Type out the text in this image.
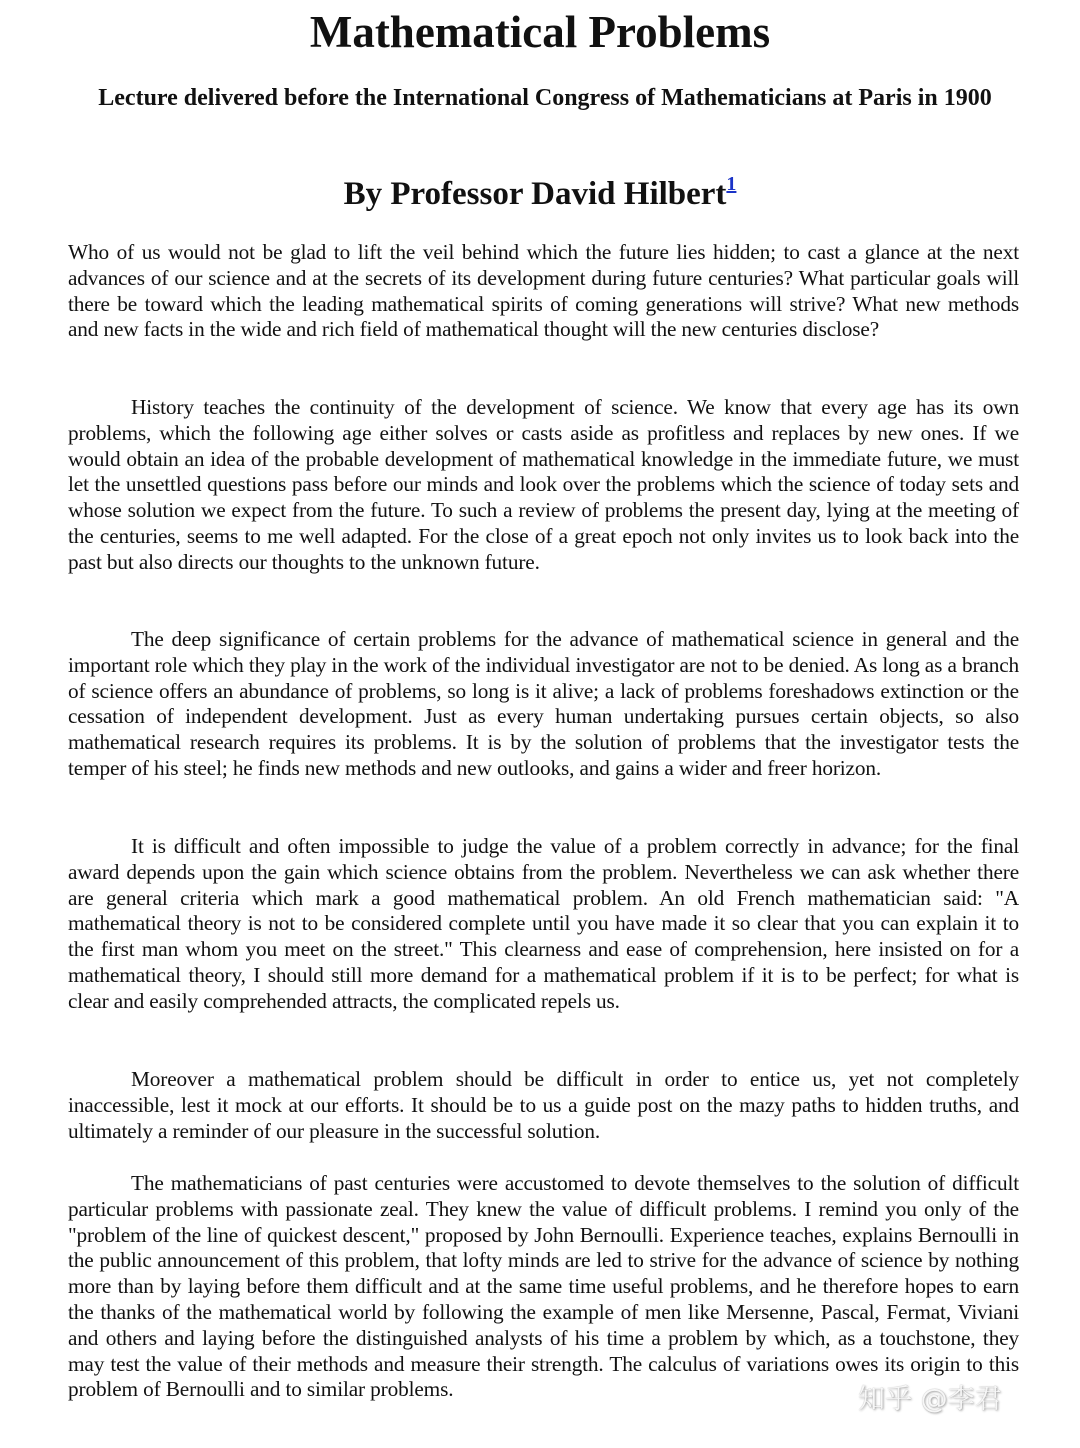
Mathematical Problems
Lecture delivered before the International Congress of Mathematicians at Paris in 1900
By Professor David Hilbert$^1$

Who of us would not be glad to lift the veil behind which the future lies hidden; to cast a glance at the next advances of our science and at the secrets of its development during future centuries? What particular goals will there be toward which the leading mathematical spirits of coming generations will strive? What new methods and new facts in the wide and rich field of mathematical thought will the new centuries disclose?

History teaches the continuity of the development of science. We know that every age has its own problems, which the following age either solves or casts aside as profitless and replaces by new ones. If we would obtain an idea of the probable development of mathematical knowledge in the immediate future, we must let the unsettled questions pass before our minds and look over the problems which the science of today sets and whose solution we expect from the future. To such a review of problems the present day, lying at the meeting of the centuries, seems to me well adapted. For the close of a great epoch not only invites us to look back into the past but also directs our thoughts to the unknown future.

The deep significance of certain problems for the advance of mathematical science in general and the important role which they play in the work of the individual investigator are not to be denied. As long as a branch of science offers an abundance of problems, so long is it alive; a lack of problems foreshadows extinction or the cessation of independent development. Just as every human undertaking pursues certain objects, so also mathematical research requires its problems. It is by the solution of problems that the investigator tests the temper of his steel; he finds new methods and new outlooks, and gains a wider and freer horizon.

It is difficult and often impossible to judge the value of a problem correctly in advance; for the final award depends upon the gain which science obtains from the problem. Nevertheless we can ask whether there are general criteria which mark a good mathematical problem. An old French mathematician said: "A mathematical theory is not to be considered complete until you have made it so clear that you can explain it to the first man whom you meet on the street." This clearness and ease of comprehension, here insisted on for a mathematical theory, I should still more demand for a mathematical problem if it is to be perfect; for what is clear and easily comprehended attracts, the complicated repels us.

Moreover a mathematical problem should be difficult in order to entice us, yet not completely inaccessible, lest it mock at our efforts. It should be to us a guide post on the mazy paths to hidden truths, and ultimately a reminder of our pleasure in the successful solution.

The mathematicians of past centuries were accustomed to devote themselves to the solution of difficult particular problems with passionate zeal. They knew the value of difficult problems. I remind you only of the "problem of the line of quickest descent," proposed by John Bernoulli. Experience teaches, explains Bernoulli in the public announcement of this problem, that lofty minds are led to strive for the advance of science by nothing more than by laying before them difficult and at the same time useful problems, and he therefore hopes to earn the thanks of the mathematical world by following the example of men like Mersenne, Pascal, Fermat, Viviani and others and laying before the distinguished analysts of his time a problem by which, as a touchstone, they may test the value of their methods and measure their strength. The calculus of variations owes its origin to this problem of Bernoulli and to similar problems.	知乎 @李君
